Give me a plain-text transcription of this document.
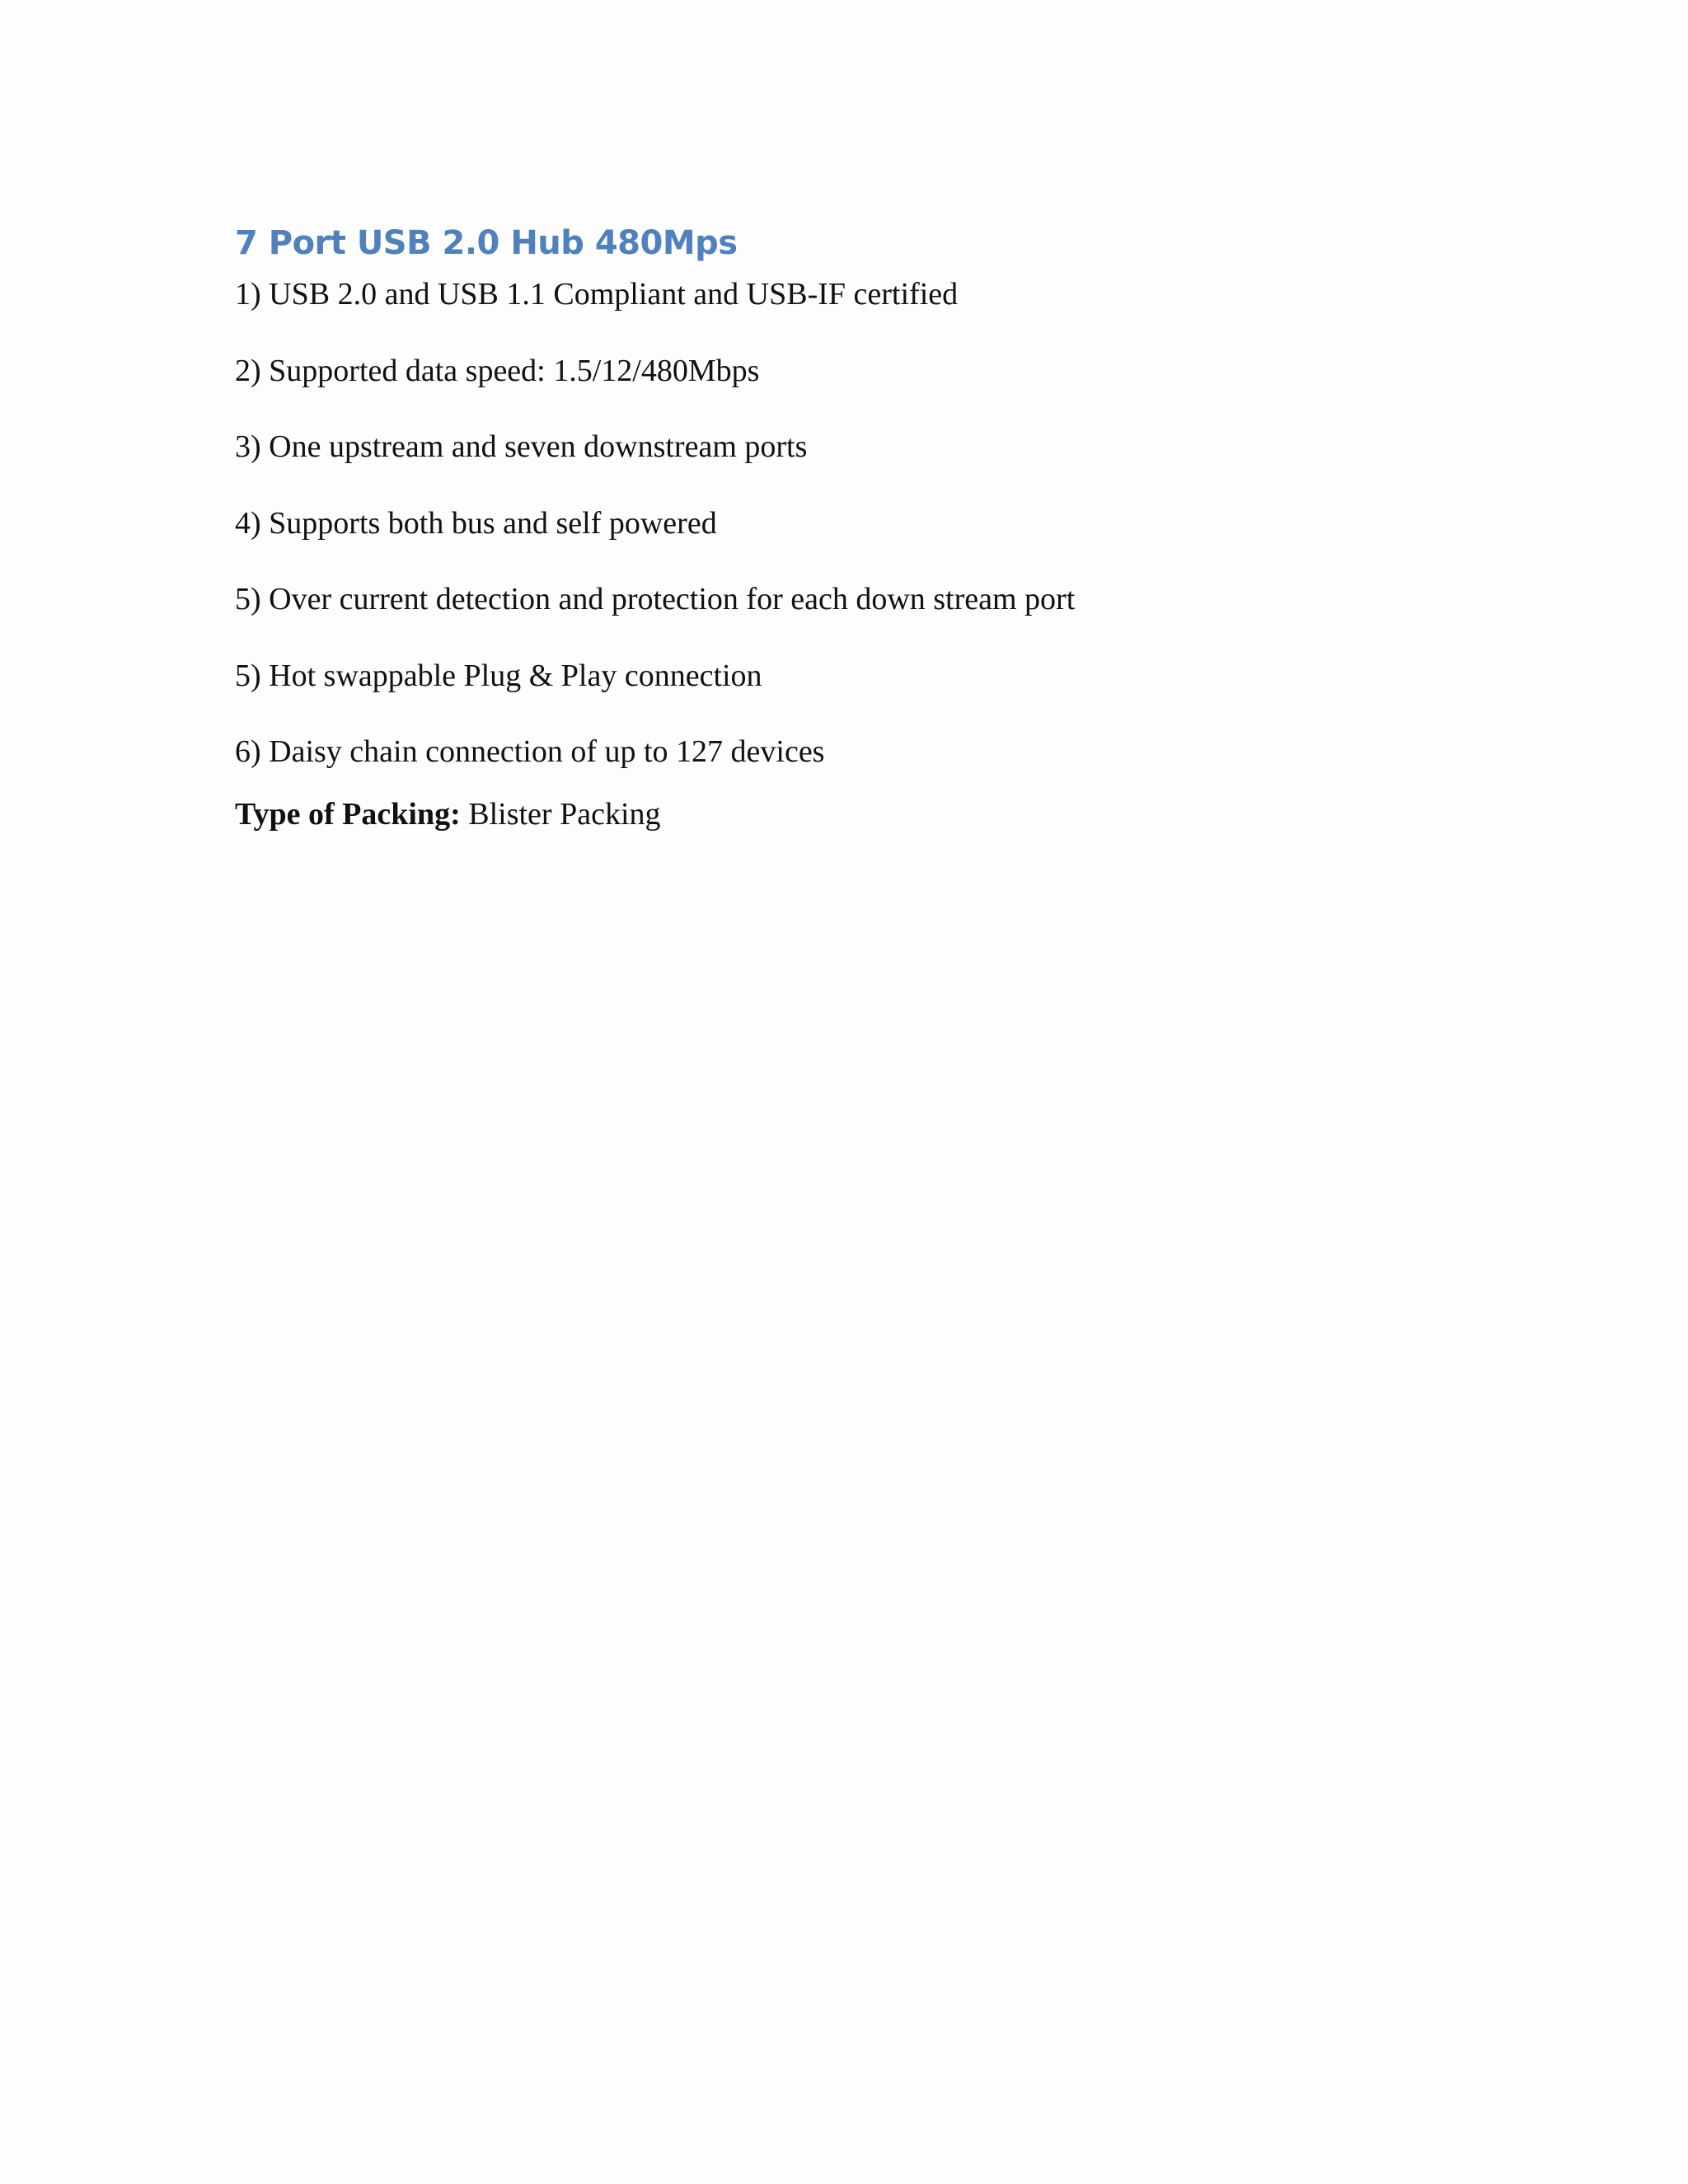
7 Port USB 2.0 Hub 480Mps
1) USB 2.0 and USB 1.1 Compliant and USB-IF certified
2) Supported data speed: 1.5/12/480Mbps
3) One upstream and seven downstream ports
4) Supports both bus and self powered
5) Over current detection and protection for each down stream port
5) Hot swappable Plug & Play connection
6) Daisy chain connection of up to 127 devices

Type of Packing: Blister Packing
